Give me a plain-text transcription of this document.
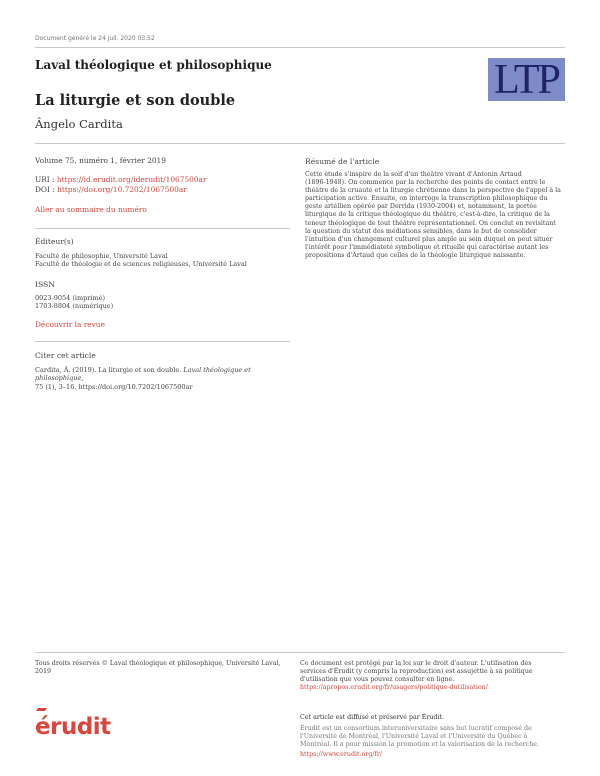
Document généré le 24 juil. 2020 03:52
Laval théologique et philosophique	LTP
La liturgie et son double
Ângelo Cardita
Volume 75, numéro 1, février 2019
URI : https://id.erudit.org/iderudit/1067500ar
DOI : https://doi.org/10.7202/1067500ar
Aller au sommaire du numéro
Éditeur(s)
Faculté de philosophie, Université Laval
Faculté de théologie et de sciences religieuses, Université Laval
ISSN
0023-9054 (imprimé)
1703-8804 (numérique)
Découvrir la revue
Citer cet article
Cardita, Â. (2019). La liturgie et son double. Laval théologique et philosophique,
75 (1), 3–16. https://doi.org/10.7202/1067500ar
Résumé de l'article
Cette étude s'inspire de la soif d'un théâtre vivant d'Antonin Artaud
(1896-1948). On commence par la recherche des points de contact entre le
théâtre de la cruauté et la liturgie chrétienne dans la perspective de l'appel à la
participation active. Ensuite, on interroge la transcription philosophique du
geste artéllien opérée par Derrida (1930-2004) et, notamment, la portée
liturgique de la critique théologique du théâtre, c'est-à-dire, la critique de la
teneur théologique de tout théâtre représentationnel. On conclut en revisitant
la question du statut des médiations sensibles, dans le but de consolider
l'intuition d'un changement culturel plus ample au sein duquel on peut situer
l'intérêt pour l'immédiateté symbolique et rituelle qui caractérise autant les
propositions d'Artaud que celles de la théologie liturgique naissante.
Tous droits réservés © Laval théologique et philosophique, Université Laval,
2019
Ce document est protégé par la loi sur le droit d'auteur. L'utilisation des
services d'Érudit (y compris la reproduction) est assujettie à sa politique
d'utilisation que vous pouvez consulter en ligne.
https://apropos.erudit.org/fr/usagers/politique-dutilisation/
érudit	Cet article est diffusé et préservé par Érudit.
Érudit est un consortium interuniversitaire sans but lucratif composé de
l'Université de Montréal, l'Université Laval et l'Université du Québec à
Montréal. Il a pour mission la promotion et la valorisation de la recherche.
https://www.erudit.org/fr/
